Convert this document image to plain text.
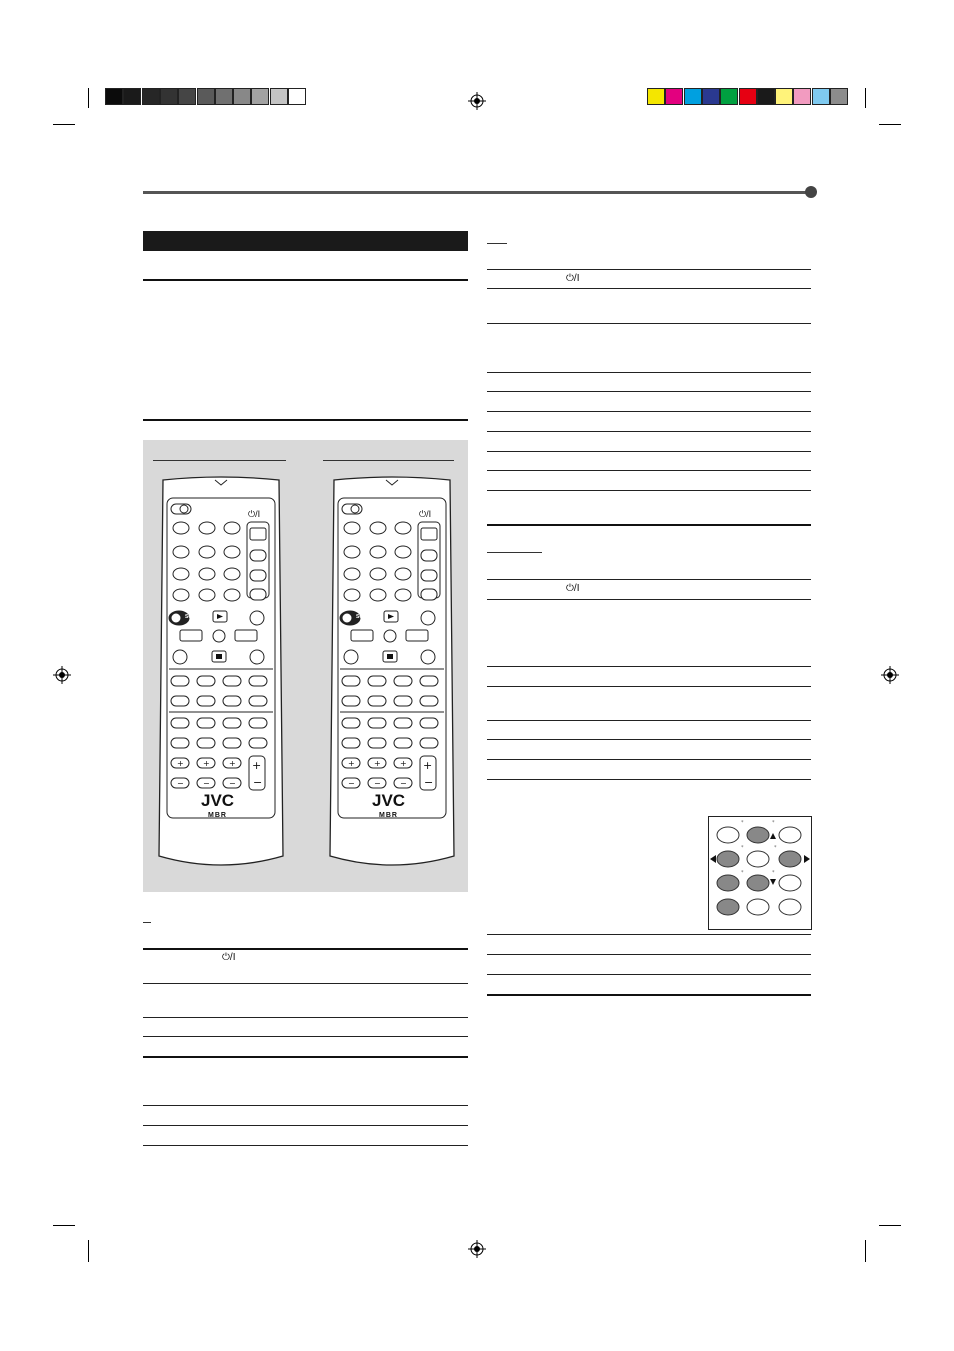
+ + +
− − −
+
−
+ + +
− − −
+
−
JVC
MBR
JVC
MBR
⏻/I	⏻/I
SOUND	SOUND
⏻/I
⏻/I
⏻/I
*	*
*	*
*	*
